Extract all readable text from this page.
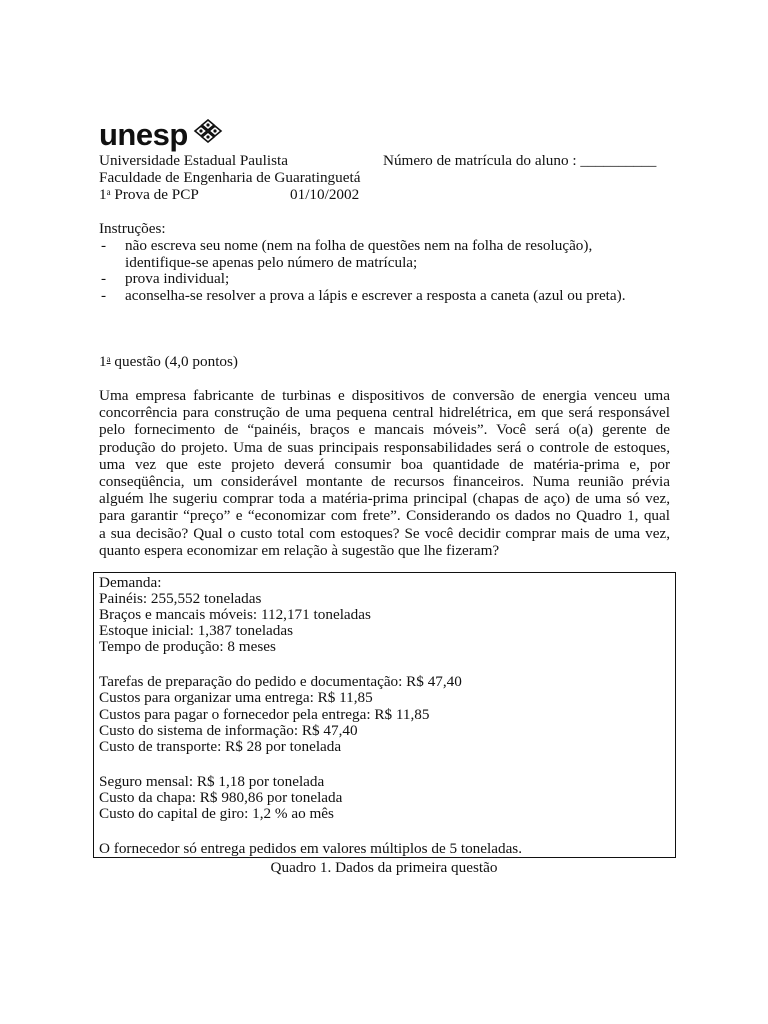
unesp
Universidade Estadual Paulista	Número de matrícula do aluno : __________
Faculdade de Engenharia de Guaratinguetá
1$^a$ Prova de PCP	01/10/2002
Instruções:
- não escreva seu nome (nem na folha de questões nem na folha de resolução),
identifique-se apenas pelo número de matrícula;
- prova individual;
- aconselha-se resolver a prova a lápis e escrever a resposta a caneta (azul ou preta).
1$^a$ questão (4,0 pontos)
Uma empresa fabricante de turbinas e dispositivos de conversão de energia venceu uma
concorrência para construção de uma pequena central hidrelétrica, em que será responsável
pelo fornecimento de “painéis, braços e mancais móveis”. Você será o(a) gerente de
produção do projeto. Uma de suas principais responsabilidades será o controle de estoques,
uma vez que este projeto deverá consumir boa quantidade de matéria-prima e, por
conseqüência, um considerável montante de recursos financeiros. Numa reunião prévia
alguém lhe sugeriu comprar toda a matéria-prima principal (chapas de aço) de uma só vez,
para garantir “preço” e “economizar com frete”. Considerando os dados no Quadro 1, qual
a sua decisão? Qual o custo total com estoques? Se você decidir comprar mais de uma vez,
quanto espera economizar em relação à sugestão que lhe fizeram?
Demanda:
Painéis: 255,552 toneladas
Braços e mancais móveis: 112,171 toneladas
Estoque inicial: 1,387 toneladas
Tempo de produção: 8 meses
Tarefas de preparação do pedido e documentação: R$ 47,40
Custos para organizar uma entrega: R$ 11,85
Custos para pagar o fornecedor pela entrega: R$ 11,85
Custo do sistema de informação: R$ 47,40
Custo de transporte: R$ 28 por tonelada
Seguro mensal: R$ 1,18 por tonelada
Custo da chapa: R$ 980,86 por tonelada
Custo do capital de giro: 1,2 % ao mês
O fornecedor só entrega pedidos em valores múltiplos de 5 toneladas.
Quadro 1. Dados da primeira questão
